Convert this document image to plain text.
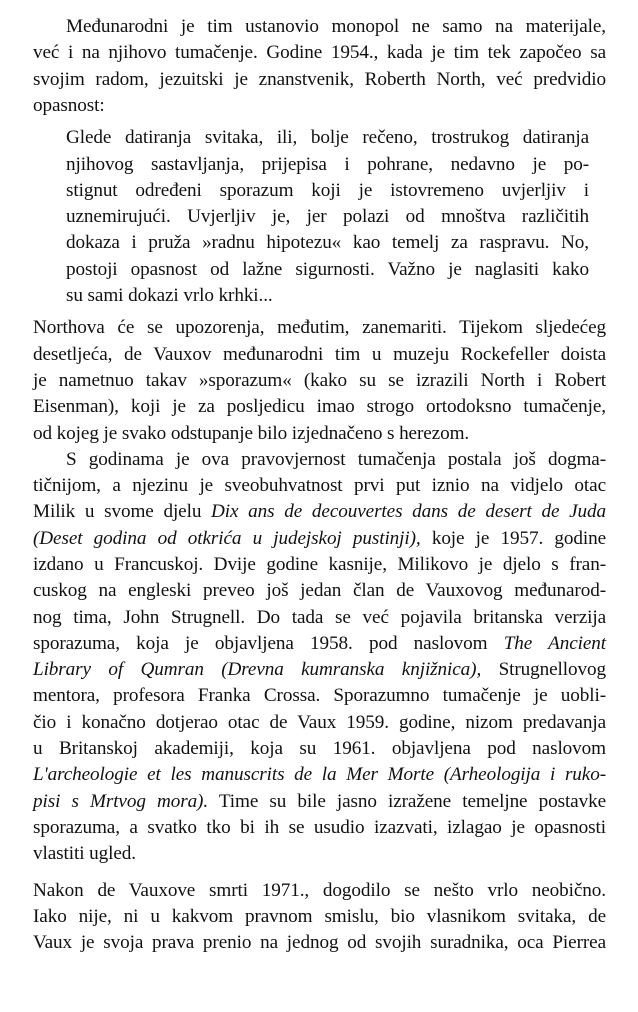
Međunarodni je tim ustanovio monopol ne samo na materijale,
već i na njihovo tumačenje. Godine 1954., kada je tim tek započeo sa
svojim radom, jezuitski je znanstvenik, Roberth North, već predvidio
opasnost:
Glede datiranja svitaka, ili, bolje rečeno, trostrukog datiranja
njihovog sastavljanja, prijepisa i pohrane, nedavno je po-
stignut određeni sporazum koji je istovremeno uvjerljiv i
uznemirujući. Uvjerljiv je, jer polazi od mnoštva različitih
dokaza i pruža »radnu hipotezu« kao temelj za raspravu. No,
postoji opasnost od lažne sigurnosti. Važno je naglasiti kako
su sami dokazi vrlo krhki...
Northova će se upozorenja, međutim, zanemariti. Tijekom sljedećeg
desetljeća, de Vauxov međunarodni tim u muzeju Rockefeller doista
je nametnuo takav »sporazum« (kako su se izrazili North i Robert
Eisenman), koji je za posljedicu imao strogo ortodoksno tumačenje,
od kojeg je svako odstupanje bilo izjednačeno s herezom.
S godinama je ova pravovjernost tumačenja postala još dogma-
tičnijom, a njezinu je sveobuhvatnost prvi put iznio na vidjelo otac
Milik u svome djelu Dix ans de decouvertes dans de desert de Juda
(Deset godina od otkrića u judejskoj pustinji), koje je 1957. godine
izdano u Francuskoj. Dvije godine kasnije, Milikovo je djelo s fran-
cuskog na engleski preveo još jedan član de Vauxovog međunarod-
nog tima, John Strugnell. Do tada se već pojavila britanska verzija
sporazuma, koja je objavljena 1958. pod naslovom The Ancient
Library of Qumran (Drevna kumranska knjižnica), Strugnellovog
mentora, profesora Franka Crossa. Sporazumno tumačenje je uobli-
čio i konačno dotjerao otac de Vaux 1959. godine, nizom predavanja
u Britanskoj akademiji, koja su 1961. objavljena pod naslovom
L'archeologie et les manuscrits de la Mer Morte (Arheologija i ruko-
pisi s Mrtvog mora). Time su bile jasno izražene temeljne postavke
sporazuma, a svatko tko bi ih se usudio izazvati, izlagao je opasnosti
vlastiti ugled.
Nakon de Vauxove smrti 1971., dogodilo se nešto vrlo neobično.
Iako nije, ni u kakvom pravnom smislu, bio vlasnikom svitaka, de
Vaux je svoja prava prenio na jednog od svojih suradnika, oca Pierrea
